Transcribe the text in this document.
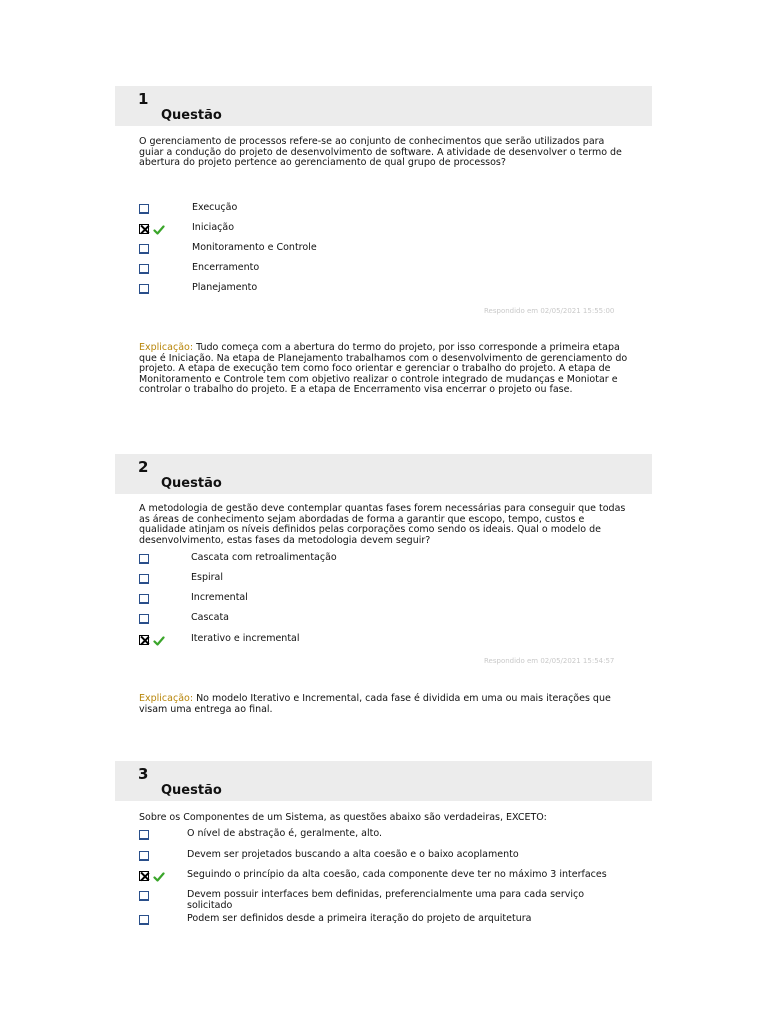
1
Questão
O gerenciamento de processos refere-se ao conjunto de conhecimentos que serão utilizados para guiar a condução do projeto de desenvolvimento de software. A atividade de desenvolver o termo de abertura do projeto pertence ao gerenciamento de qual grupo de processos?
Execução
Iniciação
Monitoramento e Controle
Encerramento
Planejamento
Respondido em 02/05/2021 15:55:00
Explicação: Tudo começa com a abertura do termo do projeto, por isso corresponde a primeira etapa que é Iniciação. Na etapa de Planejamento trabalhamos com o desenvolvimento de gerenciamento do projeto. A etapa de execução tem como foco orientar e gerenciar o trabalho do projeto. A etapa de Monitoramento e Controle tem com objetivo realizar o controle integrado de mudanças e Moniotar e controlar o trabalho do projeto. E a etapa de Encerramento visa encerrar o projeto ou fase.
2
Questão
A metodologia de gestão deve contemplar quantas fases forem necessárias para conseguir que todas as áreas de conhecimento sejam abordadas de forma a garantir que escopo, tempo, custos e qualidade atinjam os níveis definidos pelas corporações como sendo os ideais. Qual o modelo de desenvolvimento, estas fases da metodologia devem seguir?
Cascata com retroalimentação
Espiral
Incremental
Cascata
Iterativo e incremental
Respondido em 02/05/2021 15:54:57
Explicação: No modelo Iterativo e Incremental, cada fase é dividida em uma ou mais iterações que visam uma entrega ao final.
3
Questão
Sobre os Componentes de um Sistema, as questões abaixo são verdadeiras, EXCETO:
O nível de abstração é, geralmente, alto.
Devem ser projetados buscando a alta coesão e o baixo acoplamento
Seguindo o princípio da alta coesão, cada componente deve ter no máximo 3 interfaces
Devem possuir interfaces bem definidas, preferencialmente uma para cada serviço solicitado
Podem ser definidos desde a primeira iteração do projeto de arquitetura
